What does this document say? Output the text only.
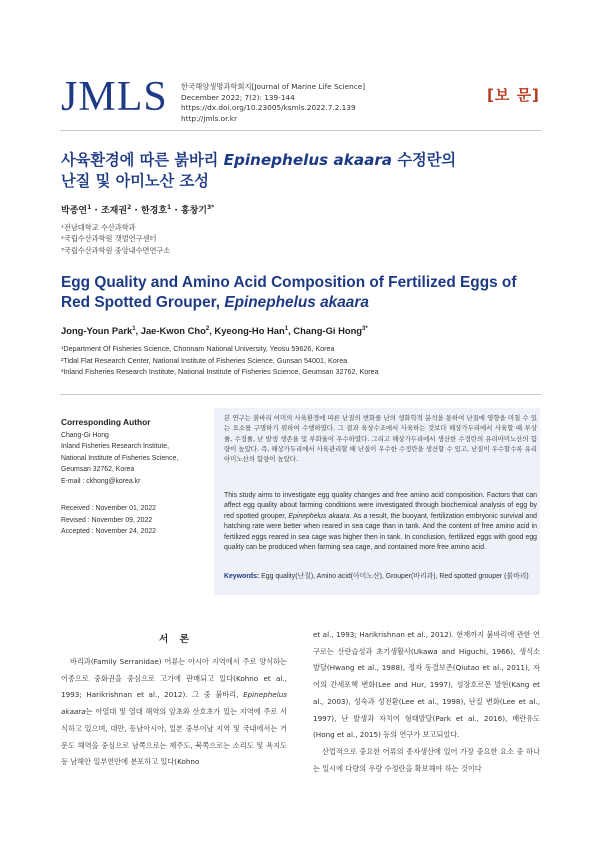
JMLS 한국해양생명과학회지[Journal of Marine Life Science]
December 2022; 7(2): 139-144
https://dx.doi.org/10.23005/ksmls.2022.7.2.139
http://jmls.or.kr
[보 문]
사육환경에 따른 붉바리 Epinephelus akaara 수정란의
난질 및 아미노산 조성
박종연$^1$ · 조재권$^2$ · 한경호$^1$ · 홍창기$^{3*}$
¹전남대학교 수산과학과
²국립수산과학원 갯벌연구센터
³국립수산과학원 중앙내수면연구소
Egg Quality and Amino Acid Composition of Fertilized Eggs of
Red Spotted Grouper, Epinephelus akaara
Jong-Youn Park$^1$, Jae-Kwon Cho$^2$, Kyeong-Ho Han$^1$, Chang-Gi Hong$^{3*}$
¹Department Of Fisheries Science, Chonnam National University, Yeosu 59626, Korea
²Tidal Flat Research Center, National Institute of Fisheries Science, Gunsan 54001, Korea
³Inland Fisheries Research Institute, National Institute of Fisheries Science, Geumsan 32762, Korea
Corresponding Author
Chang-Gi Hong
Inland Fisheries Research Institute,
National Institute of Fisheries Science,
Geumsan 32762, Korea
E-mail : ckhong@korea.kr
Received : November 01, 2022
Revised : November 09, 2022
Accepted : November 24, 2022
본 연구는 붉바리 어미의 사육환경에 따른 난질의 변화를 난의 생화학적 분석을 통하여 난질에 영향을 미칠 수 있는 요소를 구명하기 위하여 수행하였다. 그 결과 육상수조에서 사육하는 것보다 해상가두리에서 사육할 때 부상률, 수정률, 난 발생 생존율 및 부화율이 우수하였다. 그리고 해상가두리에서 생산한 수정란의 유리아미노산의 함량이 높았다. 즉, 해상가두리에서 사육관리할 때 난질이 우수한 수정란을 생산할 수 있고, 난질이 우수할수록 유리아미노산의 함량이 높았다.
This study aims to investigate egg quality changes and free amino acid composition. Factors that can affect egg quality about farming conditions were investigated through biochemical analysis of egg by red spotted grouper, Epinephelus akaara. As a result, the buoyant, fertilization embryonic survival and hatching rate were better when reared in sea cage than in tank. And the content of free amino acid in fertilized eggs reared in sea cage was higher then in tank. In conclusion, fertilized eggs with good egg quality can be produced when farming sea cage, and contained more free amino acid.
Keywords: Egg quality(난질), Amino acid(아미노산), Grouper(바리과), Red spotted grouper (붉바리)
서 론
바리과(Family Serranidae) 어류는 아시아 지역에서 주로 양식하는 어종으로 중화권을 중심으로 고가에 판매되고 있다(Kohno et al., 1993; Harikrishnan et al., 2012). 그 중 붉바리, Epinephelus akaara는 아열대 및 열대 해역의 암초와 산호초가 있는 지역에 주로 서식하고 있으며, 대만, 동남아시아, 일본 중부이남 지역 및 국내에서는 거문도 해역을 중심으로 남쪽으로는 제주도, 북쪽으로는 소리도 및 욕지도 등 남해안 일부연안에 분포하고 있다(Kohno
et al., 1993; Harikrishnan et al., 2012). 현재까지 붉바리에 관한 연구로는 산란습성과 초기생활사(Ukawa and Higuchi, 1966), 생식소 발달(Hwang et al., 1988), 정자 동결보존(Qiutao et al., 2011), 자어의 간세포핵 변화(Lee and Hur, 1997), 성장호르몬 발현(Kang et al., 2003), 성숙과 성전환(Lee et al., 1998), 난질 변화(Lee et al., 1997), 난 발생과 자치어 형태발달(Park et al., 2016), 배란유도(Hong et al., 2015) 등의 연구가 보고되었다.
산업적으로 중요한 어류의 종자생산에 있어 가장 중요한 요소 중 하나는 일시에 다량의 우량 수정란을 확보해야 하는 것이다
